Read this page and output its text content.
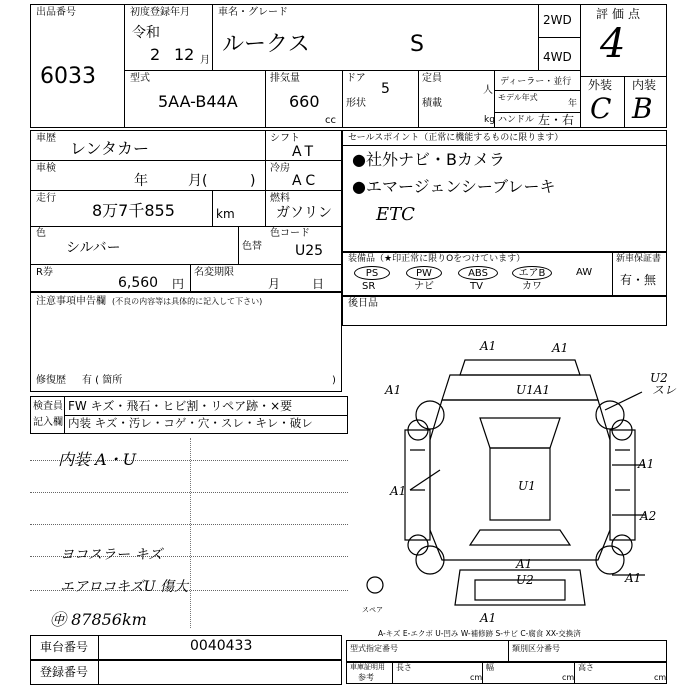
出品番号
6033
初度登録年月
令和
2 12 月
車名・グレード
ルークス	S
2WD
4WD
評価点
4
外装 内装
C B
型式
5AA-B44A
排気量
660
cc
ドア
5
形状
定員
人
積載
kg
ディーラー・並行
モデル年式
年
ハンドル 左・右
車歴
レンタカー
シフト
AT
車検
年	月(	)
冷房
AC
走行
8万7千855	km
燃料
ガソリン
色
シルバー	色替
色コード
U25
R券
6,560 円
名変期限
月	日
セールスポイント（正常に機能するものに限ります）
●社外ナビ・Bカメラ
●エマージェンシーブレーキ
ETC
装備品（★印正常に限りOをつけています）
PS	PW	ABS	エアB	AW
SR	ナビ	TV	カワ
新車保証書
有・無
後日品
注意事項申告欄 (不良の内容等は具体的に記入して下さい)
修復歴 有 ( 箇所	)
検査員
記入欄
FW キズ・飛石・ヒビ割・リペア跡・×要
内装 キズ・汚レ・コゲ・穴・スレ・キレ・破レ
内装 A・U
ヨコスラー キズ
エアロコキズU 傷大
㊥ 87856km
A1	A1
U1A1
U2
スレ
A1
A1	U1
A1
A2
A1
U2	A1
A1
スペア
A-キズ E-エクボ U-凹み W-補修跡 S-サビ C-腐食 XX-交換済
車台番号	0040433
登録番号
型式指定番号	類別区分番号
車庫証明用
参考
長さ
cm
幅
cm
高さ
cm
